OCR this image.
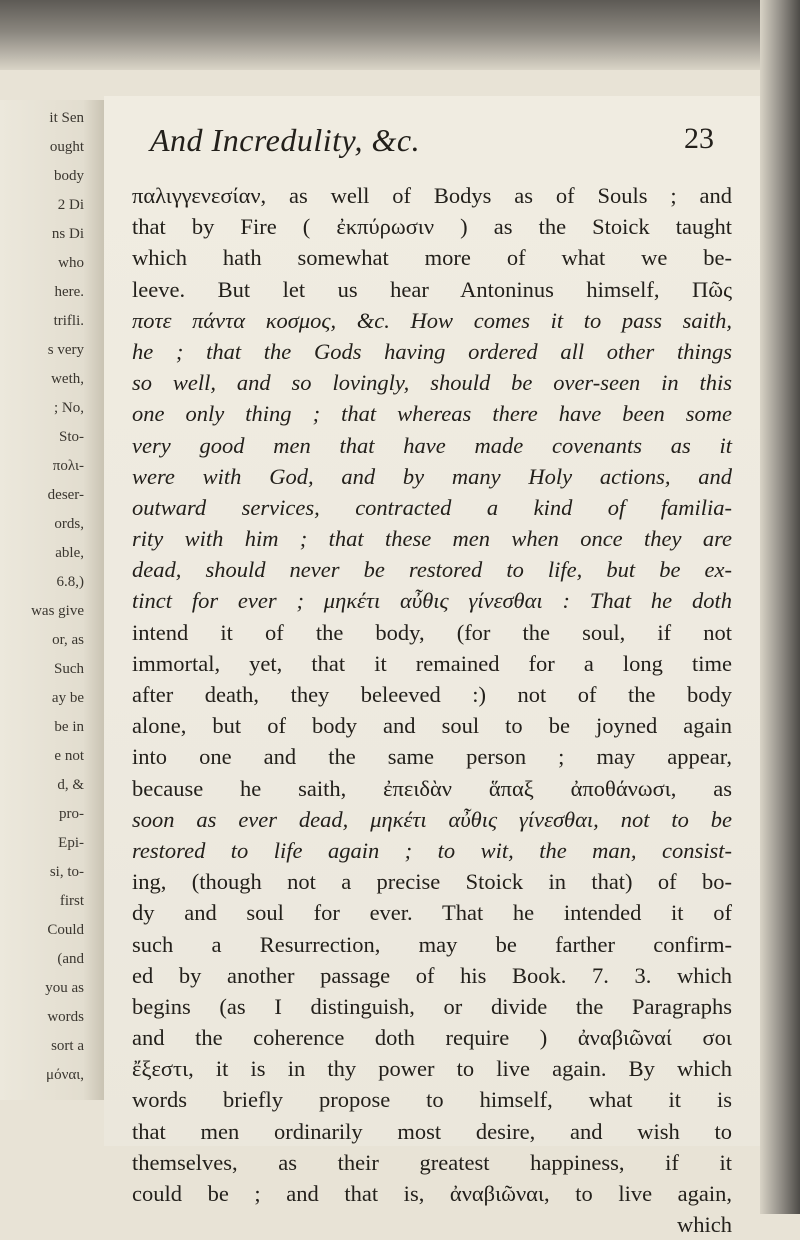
it Sen
ought
body
2 Di
ns Di
who
here.
trifli.
s very
weth,
; No,
Sto-
πολι-
deser-
ords,
able,
6.8,)
was give
or, as
Such
ay be
be in
e not
d, &
pro-
Epi-
si, to-
first
Could
(and
you as
words
sort a
μόναι,
And Incredulity, &c.	23
παλιγγενεσίαν, as well of Bodys as of Souls ; and
that by Fire ( ἐκπύρωσιν ) as the Stoick taught
which hath somewhat more of what we be-
leeve. But let us hear Antoninus himself, Πῶς
ποτε πάντα κοσμος, &c. How comes it to pass saith,
he ; that the Gods having ordered all other things
so well, and so lovingly, should be over-seen in this
one only thing ; that whereas there have been some
very good men that have made covenants as it
were with God, and by many Holy actions, and
outward services, contracted a kind of familia-
rity with him ; that these men when once they are
dead, should never be restored to life, but be ex-
tinct for ever ; μηκέτι αὖθις γίνεσθαι : That he doth
intend it of the body, (for the soul, if not
immortal, yet, that it remained for a long time
after death, they beleeved :) not of the body
alone, but of body and soul to be joyned again
into one and the same person ; may appear,
because he saith, ἐπειδὰν ἅπαξ ἀποθάνωσι, as
soon as ever dead, μηκέτι αὖθις γίνεσθαι, not to be
restored to life again ; to wit, the man, consist-
ing, (though not a precise Stoick in that) of bo-
dy and soul for ever. That he intended it of
such a Resurrection, may be farther confirm-
ed by another passage of his Book. 7. 3. which
begins (as I distinguish, or divide the Paragraphs
and the coherence doth require ) ἀναβιῶναί σοι
ἔξεστι, it is in thy power to live again. By which
words briefly propose to himself, what it is
that men ordinarily most desire, and wish to
themselves, as their greatest happiness, if it
could be ; and that is, ἀναβιῶναι, to live again,
which
